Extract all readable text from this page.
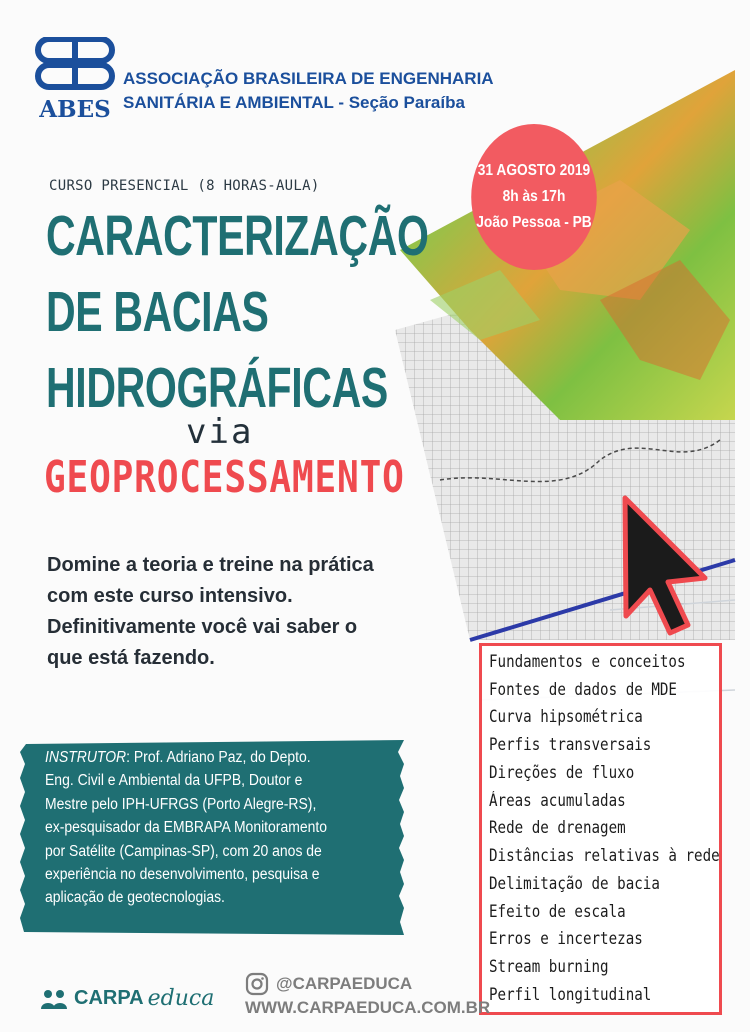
ABES
ASSOCIAÇÃO BRASILEIRA DE ENGENHARIA
SANITÁRIA E AMBIENTAL - Seção Paraíba
31 AGOSTO 2019
8h às 17h
João Pessoa - PB
CURSO PRESENCIAL (8 HORAS-AULA)
CARACTERIZAÇÃO
DE BACIAS
HIDROGRÁFICAS
via
GEOPROCESSAMENTO
Domine a teoria e treine na prática com este curso intensivo. Definitivamente você vai saber o que está fazendo.
INSTRUTOR: Prof. Adriano Paz, do Depto.
Eng. Civil e Ambiental da UFPB, Doutor e
Mestre pelo IPH-UFRGS (Porto Alegre-RS),
ex-pesquisador da EMBRAPA Monitoramento
por Satélite (Campinas-SP), com 20 anos de
experiência no desenvolvimento, pesquisa e
aplicação de geotecnologias.
Fundamentos e conceitos
Fontes de dados de MDE
Curva hipsométrica
Perfis transversais
Direções de fluxo
Áreas acumuladas
Rede de drenagem
Distâncias relativas à rede
Delimitação de bacia
Efeito de escala
Erros e incertezas
Stream burning
Perfil longitudinal
CARPA educa
@CARPAEDUCA
WWW.CARPAEDUCA.COM.BR
